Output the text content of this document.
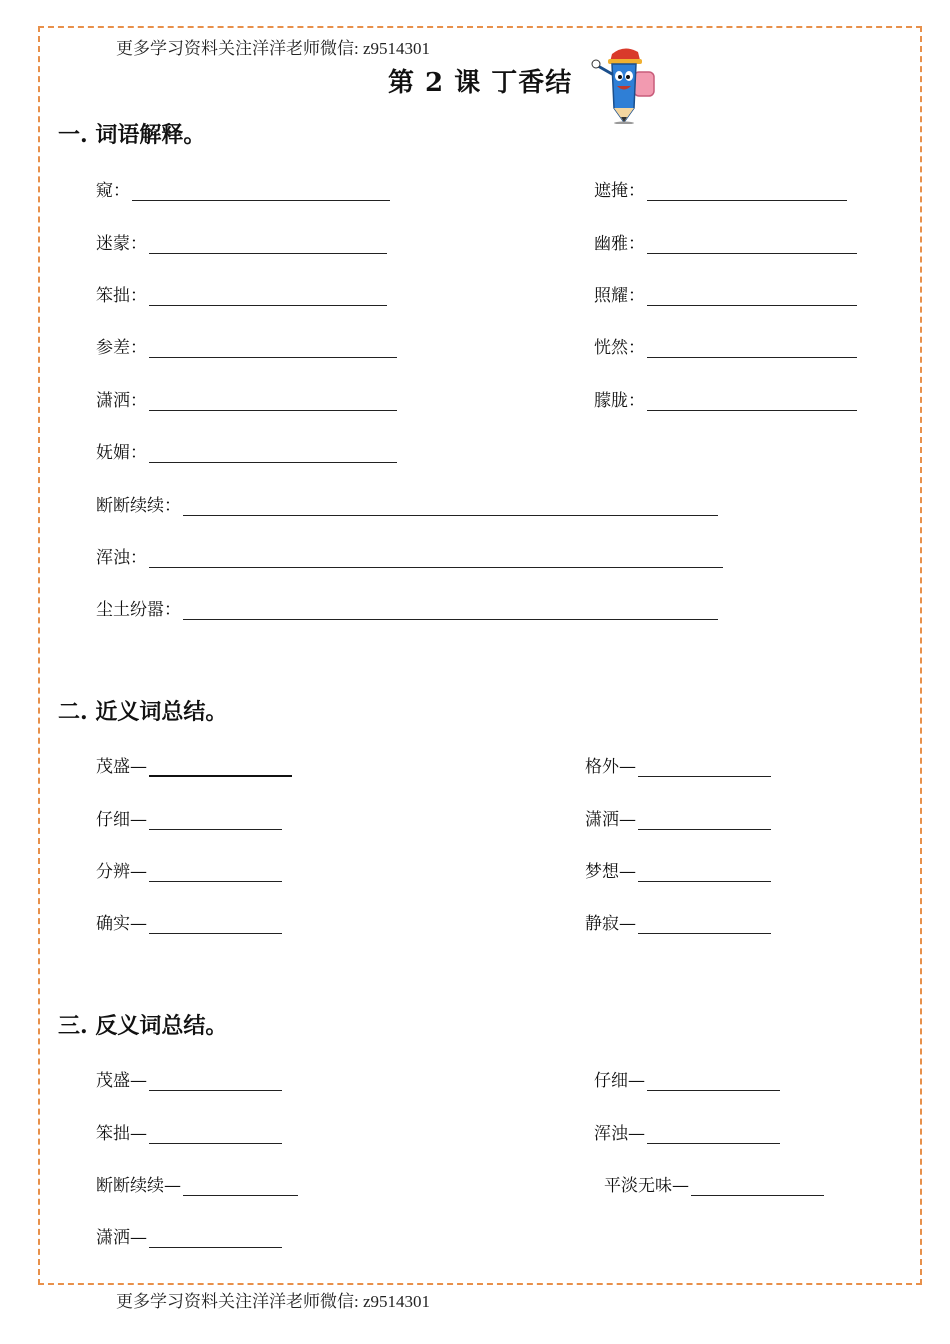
更多学习资料关注洋洋老师微信: z9514301
第 2 课 丁香结
一. 词语解释。
窥：	遮掩：
迷蒙：	幽雅：
笨拙：	照耀：
参差：	恍然：
潇洒：	朦胧：
妩媚：
断断续续：
浑浊：
尘土纷嚣：
二. 近义词总结。
茂盛—	格外—
仔细—	潇洒—
分辨—	梦想—
确实—	静寂—
三. 反义词总结。
茂盛—	仔细—
笨拙—	浑浊—
断断续续—	平淡无味—
潇洒—
更多学习资料关注洋洋老师微信: z9514301
